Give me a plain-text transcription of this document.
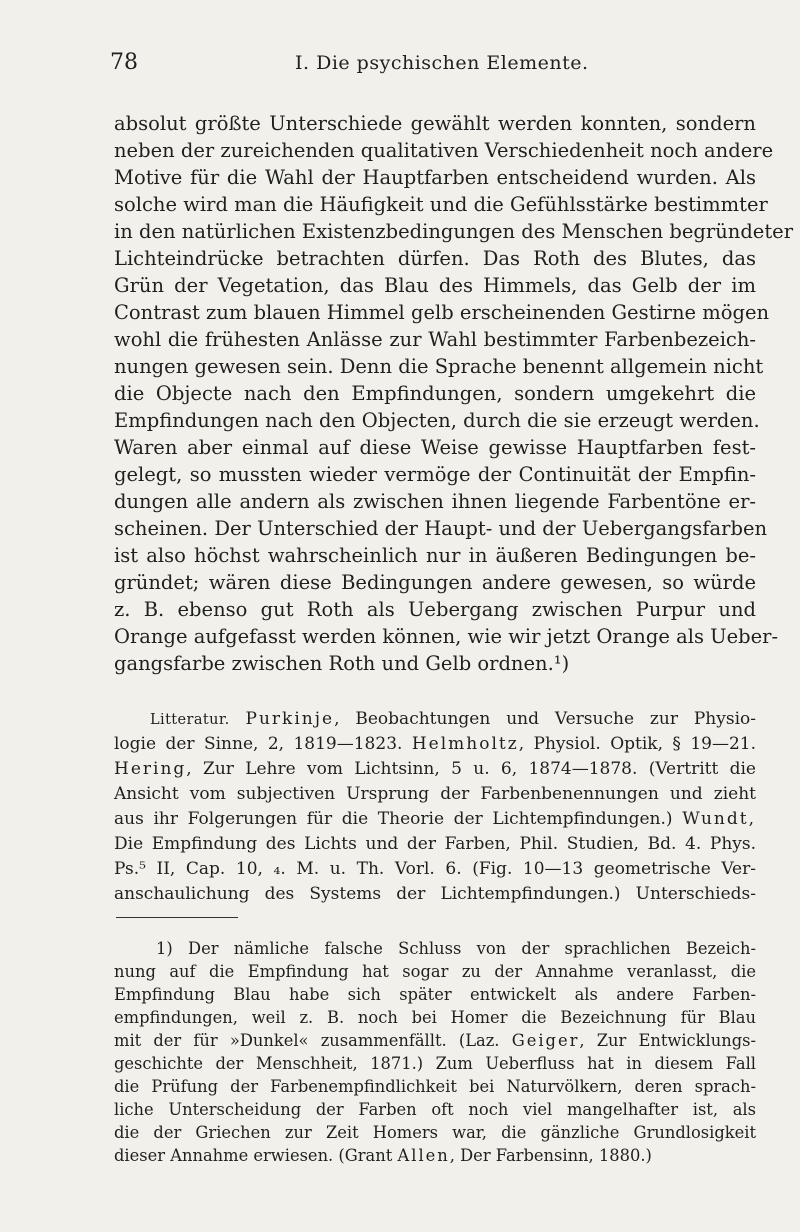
78	I. Die psychischen Elemente.
absolut größte Unterschiede gewählt werden konnten, sondern
neben der zureichenden qualitativen Verschiedenheit noch andere
Motive für die Wahl der Hauptfarben entscheidend wurden. Als
solche wird man die Häufigkeit und die Gefühlsstärke bestimmter
in den natürlichen Existenzbedingungen des Menschen begründeter
Lichteindrücke betrachten dürfen. Das Roth des Blutes, das
Grün der Vegetation, das Blau des Himmels, das Gelb der im
Contrast zum blauen Himmel gelb erscheinenden Gestirne mögen
wohl die frühesten Anlässe zur Wahl bestimmter Farbenbezeich-
nungen gewesen sein. Denn die Sprache benennt allgemein nicht
die Objecte nach den Empfindungen, sondern umgekehrt die
Empfindungen nach den Objecten, durch die sie erzeugt werden.
Waren aber einmal auf diese Weise gewisse Hauptfarben fest-
gelegt, so mussten wieder vermöge der Continuität der Empfin-
dungen alle andern als zwischen ihnen liegende Farbentöne er-
scheinen. Der Unterschied der Haupt- und der Uebergangsfarben
ist also höchst wahrscheinlich nur in äußeren Bedingungen be-
gründet; wären diese Bedingungen andere gewesen, so würde
z. B. ebenso gut Roth als Uebergang zwischen Purpur und
Orange aufgefasst werden können, wie wir jetzt Orange als Ueber-
gangsfarbe zwischen Roth und Gelb ordnen.¹)
Litteratur. Purkinje, Beobachtungen und Versuche zur Physio-
logie der Sinne, 2, 1819—1823. Helmholtz, Physiol. Optik, § 19—21.
Hering, Zur Lehre vom Lichtsinn, 5 u. 6, 1874—1878. (Vertritt die
Ansicht vom subjectiven Ursprung der Farbenbenennungen und zieht
aus ihr Folgerungen für die Theorie der Lichtempfindungen.) Wundt,
Die Empfindung des Lichts und der Farben, Phil. Studien, Bd. 4. Phys.
Ps.⁵ II, Cap. 10, ₄. M. u. Th. Vorl. 6. (Fig. 10—13 geometrische Ver-
anschaulichung des Systems der Lichtempfindungen.) Unterschieds-
1) Der nämliche falsche Schluss von der sprachlichen Bezeich-
nung auf die Empfindung hat sogar zu der Annahme veranlasst, die
Empfindung Blau habe sich später entwickelt als andere Farben-
empfindungen, weil z. B. noch bei Homer die Bezeichnung für Blau
mit der für »Dunkel« zusammenfällt. (Laz. Geiger, Zur Entwicklungs-
geschichte der Menschheit, 1871.) Zum Ueberfluss hat in diesem Fall
die Prüfung der Farbenempfindlichkeit bei Naturvölkern, deren sprach-
liche Unterscheidung der Farben oft noch viel mangelhafter ist, als
die der Griechen zur Zeit Homers war, die gänzliche Grundlosigkeit
dieser Annahme erwiesen. (Grant Allen, Der Farbensinn, 1880.)
